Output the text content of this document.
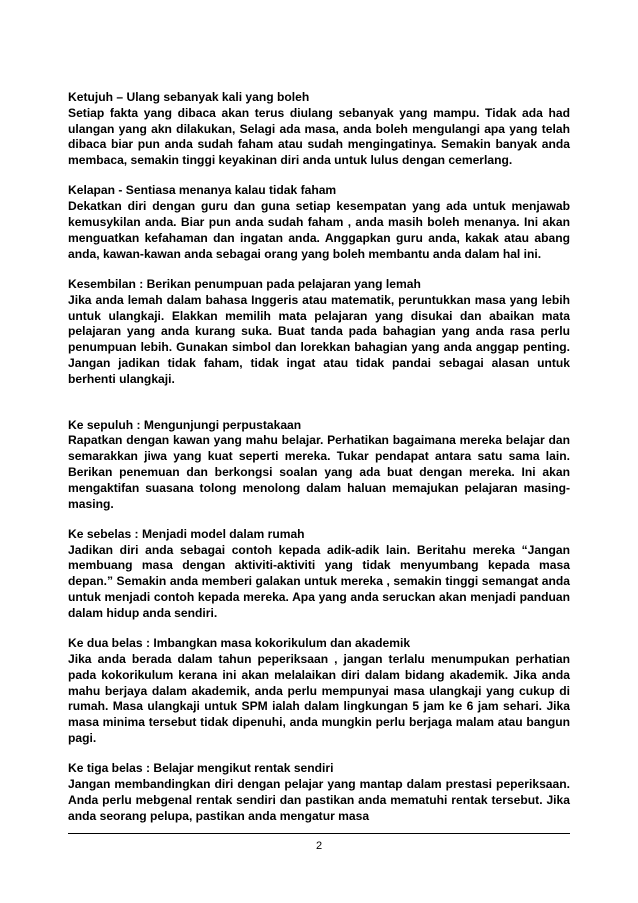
Ketujuh – Ulang sebanyak kali yang boleh

Setiap fakta yang dibaca akan terus diulang sebanyak yang mampu. Tidak ada had ulangan yang akn dilakukan, Selagi ada masa, anda boleh mengulangi apa yang telah dibaca biar pun anda sudah faham atau sudah mengingatinya. Semakin banyak anda membaca, semakin tinggi keyakinan diri anda untuk lulus dengan cemerlang.

Kelapan - Sentiasa menanya kalau tidak faham

Dekatkan diri dengan guru dan guna setiap kesempatan yang ada untuk menjawab kemusykilan anda. Biar pun anda sudah faham , anda masih boleh menanya. Ini akan menguatkan kefahaman dan ingatan anda. Anggapkan guru anda, kakak atau abang anda, kawan-kawan anda sebagai orang yang boleh membantu anda dalam hal ini.

Kesembilan : Berikan penumpuan pada pelajaran yang lemah

Jika anda lemah dalam bahasa Inggeris atau matematik, peruntukkan masa yang lebih untuk ulangkaji. Elakkan memilih mata pelajaran yang disukai dan abaikan mata pelajaran yang anda kurang suka. Buat tanda pada bahagian yang anda rasa perlu penumpuan lebih. Gunakan simbol dan lorekkan bahagian yang anda anggap penting. Jangan jadikan tidak faham, tidak ingat atau tidak pandai sebagai alasan untuk berhenti ulangkaji.

Ke sepuluh : Mengunjungi perpustakaan

Rapatkan dengan kawan yang mahu belajar. Perhatikan bagaimana mereka belajar dan semarakkan jiwa yang kuat seperti mereka. Tukar pendapat antara satu sama lain. Berikan penemuan dan berkongsi soalan yang ada buat dengan mereka. Ini akan mengaktifan suasana tolong menolong dalam haluan memajukan pelajaran masing-masing.

Ke sebelas : Menjadi model dalam rumah

Jadikan diri anda sebagai contoh kepada adik-adik lain. Beritahu mereka “Jangan membuang masa dengan aktiviti-aktiviti yang tidak menyumbang kepada masa depan.” Semakin anda memberi galakan untuk mereka , semakin tinggi semangat anda untuk menjadi contoh kepada mereka. Apa yang anda seruckan akan menjadi panduan dalam hidup anda sendiri.

Ke dua belas : Imbangkan masa kokorikulum dan akademik

Jika anda berada dalam tahun peperiksaan , jangan terlalu menumpukan perhatian pada kokorikulum kerana ini akan melalaikan diri dalam bidang akademik. Jika anda mahu berjaya dalam akademik, anda perlu mempunyai masa ulangkaji yang cukup di rumah. Masa ulangkaji untuk SPM ialah dalam lingkungan 5 jam ke 6 jam sehari. Jika masa minima tersebut tidak dipenuhi, anda mungkin perlu berjaga malam atau bangun pagi.

Ke tiga belas : Belajar mengikut rentak sendiri

Jangan membandingkan diri dengan pelajar yang mantap dalam prestasi peperiksaan. Anda perlu mebgenal rentak sendiri dan pastikan anda mematuhi rentak tersebut. Jika anda seorang pelupa, pastikan anda mengatur masa

2
